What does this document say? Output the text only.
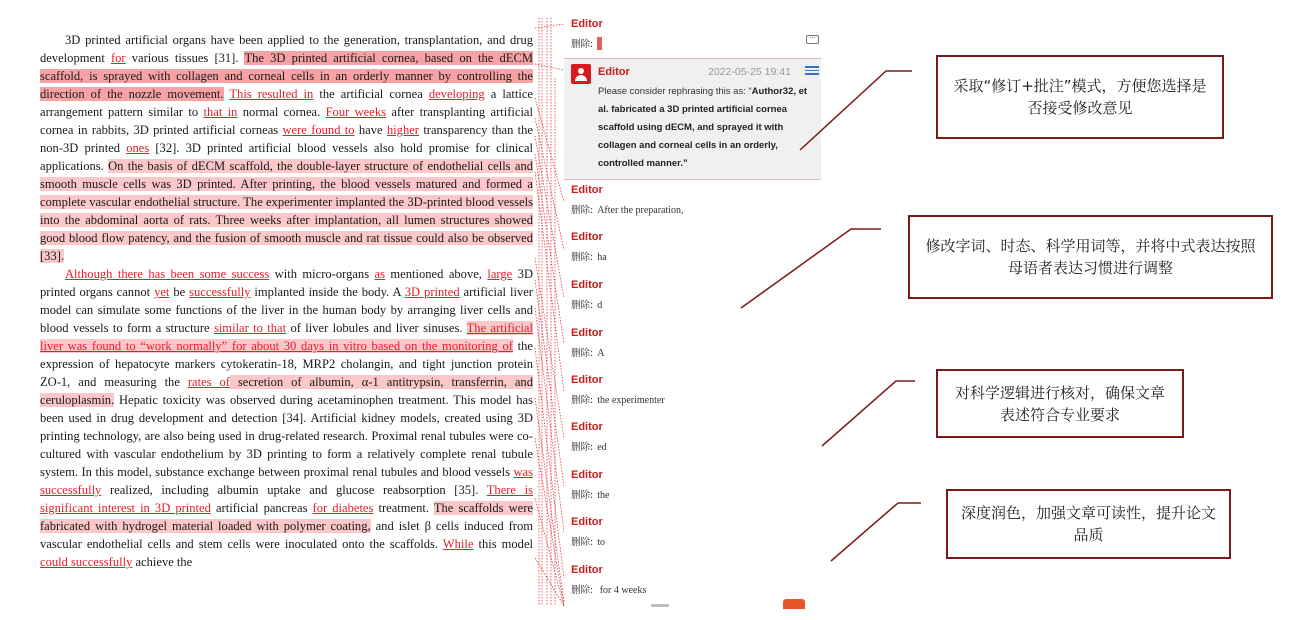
3D printed artificial organs have been applied to the generation, transplantation, and drug development for various tissues [31]. The 3D printed artificial cornea, based on the dECM scaffold, is sprayed with collagen and corneal cells in an orderly manner by controlling the direction of the nozzle movement. This resulted in the artificial cornea developing a lattice arrangement pattern similar to that in normal cornea. Four weeks after transplanting artificial cornea in rabbits, 3D printed artificial corneas were found to have higher transparency than the non-3D printed ones [32]. 3D printed artificial blood vessels also hold promise for clinical applications. On the basis of dECM scaffold, the double-layer structure of endothelial cells and smooth muscle cells was 3D printed. After printing, the blood vessels matured and formed a complete vascular endothelial structure. The experimenter implanted the 3D-printed blood vessels into the abdominal aorta of rats. Three weeks after implantation, all lumen structures showed good blood flow patency, and the fusion of smooth muscle and rat tissue could also be observed [33].

Although there has been some success with micro-organs as mentioned above, large 3D printed organs cannot yet be successfully implanted inside the body. A 3D printed artificial liver model can simulate some functions of the liver in the human body by arranging liver cells and blood vessels to form a structure similar to that of liver lobules and liver sinuses. The artificial liver was found to “work normally” for about 30 days in vitro based on the monitoring of the expression of hepatocyte markers cytokeratin-18, MRP2 cholangin, and tight junction protein ZO-1, and measuring the rates of secretion of albumin, α-1 antitrypsin, transferrin, and ceruloplasmin. Hepatic toxicity was observed during acetaminophen treatment. This model has been used in drug development and detection [34]. Artificial kidney models, created using 3D printing technology, are also being used in drug-related research. Proximal renal tubules were co-cultured with vascular endothelium by 3D printing to form a relatively complete renal tubule system. In this model, substance exchange between proximal renal tubules and blood vessels was successfully realized, including albumin uptake and glucose reabsorption [35]. There is significant interest in 3D printed artificial pancreas for diabetes treatment. The scaffolds were fabricated with hydrogel material loaded with polymer coating, and islet β cells induced from vascular endothelial cells and stem cells were inoculated onto the scaffolds. While this model could successfully achieve the

Editor
删除:
···
Editor	2022-05-25 19:41
Please consider rephrasing this as: “Author32, et al. fabricated a 3D printed artificial cornea scaffold using dECM, and sprayed it with collagen and corneal cells in an orderly, controlled manner.”
Editor
删除: After the preparation,
Editor
删除: ha
Editor
删除: d
Editor
删除: A
Editor
删除: the experimenter
Editor
删除: ed
Editor
删除: the
Editor
删除: to
Editor
删除: for 4 weeks
采取“修订+批注”模式，方便您选择是否接受修改意见
修改字词、时态、科学用词等，并将中式表达按照母语者表达习惯进行调整
对科学逻辑进行核对，确保文章表述符合专业要求
深度润色，加强文章可读性，提升论文品质
